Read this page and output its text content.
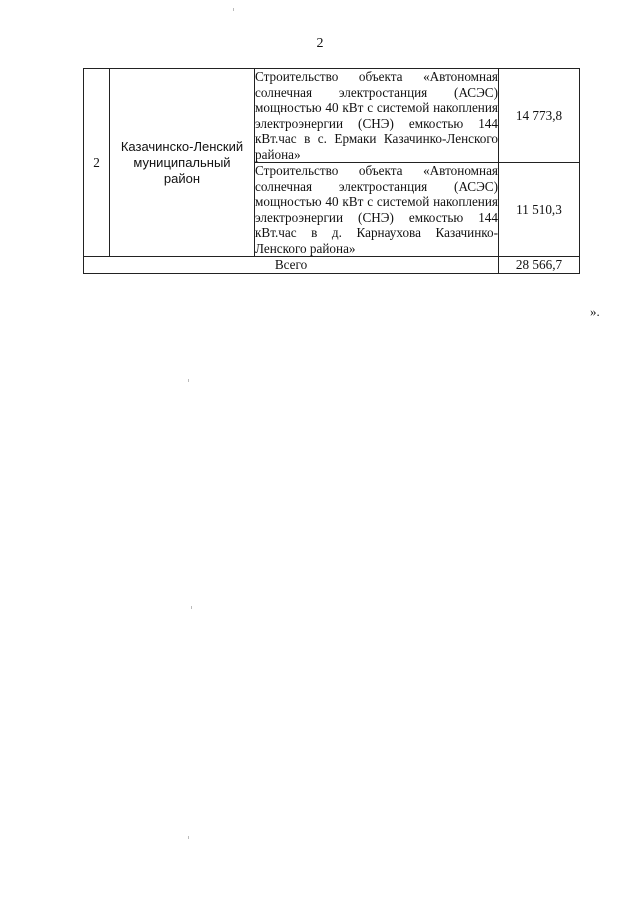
2
2	Казачинско-Ленский муниципальный район	Строительство объекта «Автономная солнечная электростанция (АСЭС) мощностью 40 кВт с системой накопления электроэнергии (СНЭ) емкостью 144 кВт.час в с. Ермаки Казачинко-Ленского района»	14 773,8

		Строительство объекта «Автономная солнечная электростанция (АСЭС) мощностью 40 кВт с системой накопления электроэнергии (СНЭ) емкостью 144 кВт.час в д. Карнаухова Казачинко-Ленского района»	11 510,3
Всего			28 566,7
».
